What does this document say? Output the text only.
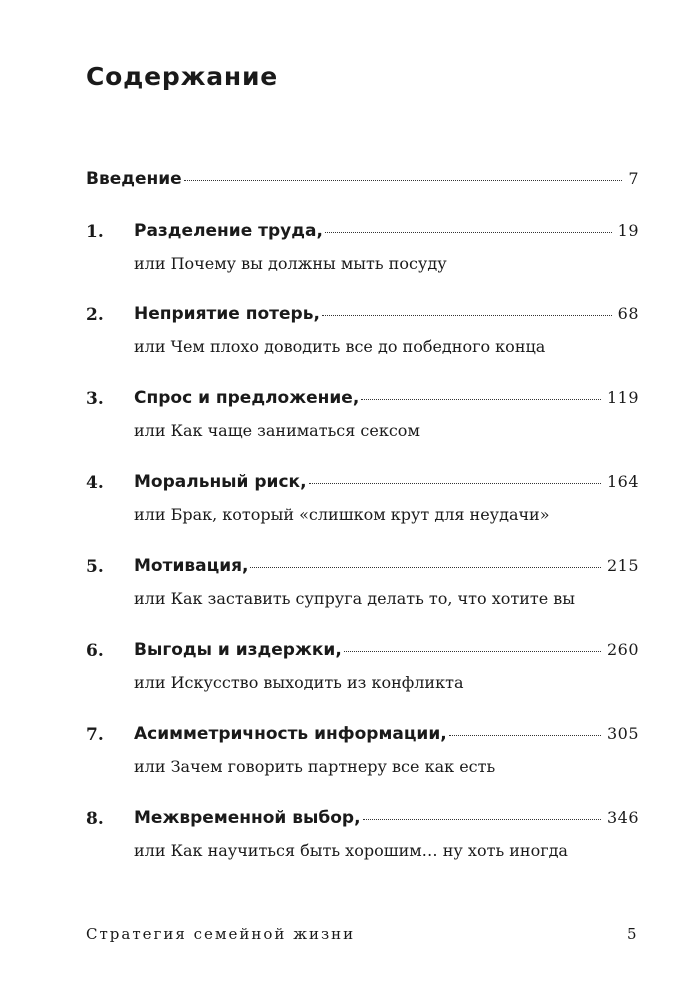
Содержание
Введение	7
1. Разделение труда,	19
или Почему вы должны мыть посуду
2. Неприятие потерь,	68
или Чем плохо доводить все до победного конца
3. Спрос и предложение,	119
или Как чаще заниматься сексом
4. Моральный риск,	164
или Брак, который «слишком крут для неудачи»
5. Мотивация,	215
или Как заставить супруга делать то, что хотите вы
6. Выгоды и издержки,	260
или Искусство выходить из конфликта
7. Асимметричность информации,	305
или Зачем говорить партнеру все как есть
8. Межвременной выбор,	346
или Как научиться быть хорошим… ну хоть иногда
Стратегия семейной жизни	5
